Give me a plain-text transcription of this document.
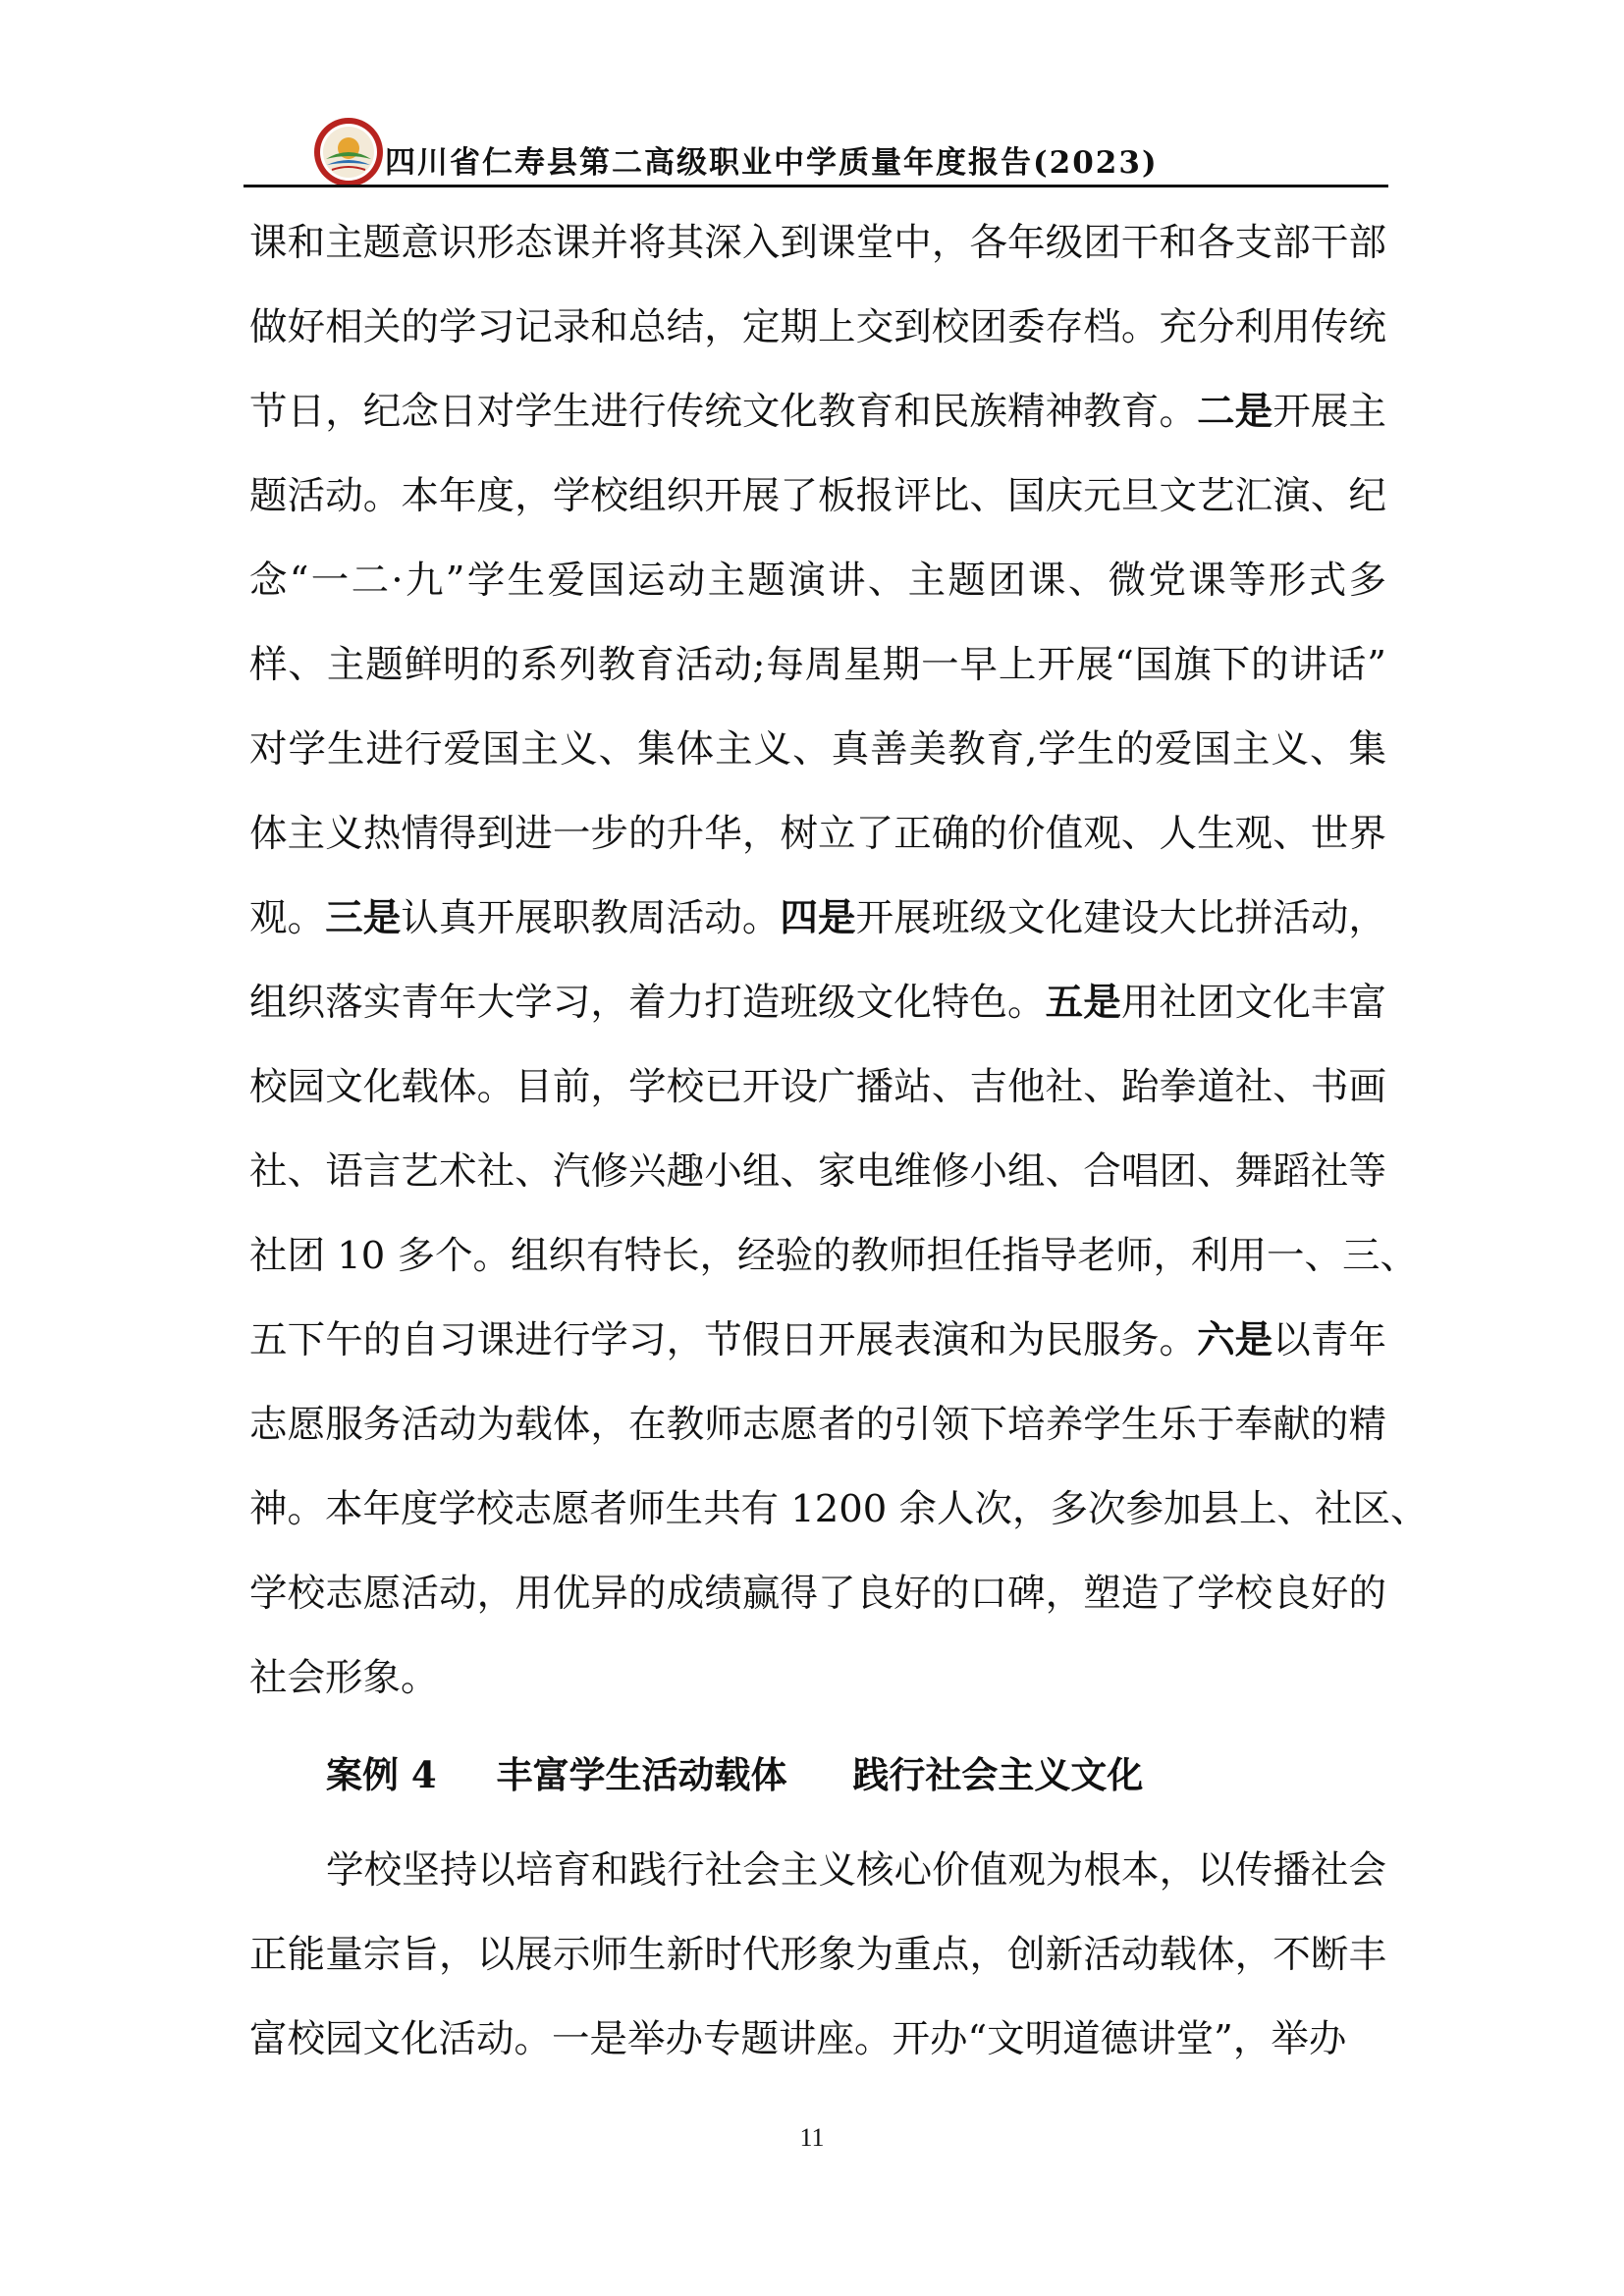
四川省仁寿县第二高级职业中学质量年度报告(2023)
课和主题意识形态课并将其深入到课堂中，各年级团干和各支部干部
做好相关的学习记录和总结，定期上交到校团委存档。充分利用传统
节日，纪念日对学生进行传统文化教育和民族精神教育。二是开展主
题活动。本年度，学校组织开展了板报评比、国庆元旦文艺汇演、纪
念“一二·九”学生爱国运动主题演讲、主题团课、微党课等形式多
样、主题鲜明的系列教育活动;每周星期一早上开展“国旗下的讲话”
对学生进行爱国主义、集体主义、真善美教育,学生的爱国主义、集
体主义热情得到进一步的升华，树立了正确的价值观、人生观、世界
观。三是认真开展职教周活动。四是开展班级文化建设大比拼活动，
组织落实青年大学习，着力打造班级文化特色。五是用社团文化丰富
校园文化载体。目前，学校已开设广播站、吉他社、跆拳道社、书画
社、语言艺术社、汽修兴趣小组、家电维修小组、合唱团、舞蹈社等
社团 10 多个。组织有特长，经验的教师担任指导老师，利用一、三、
五下午的自习课进行学习，节假日开展表演和为民服务。六是以青年
志愿服务活动为载体，在教师志愿者的引领下培养学生乐于奉献的精
神。本年度学校志愿者师生共有 1200 余人次，多次参加县上、社区、
学校志愿活动，用优异的成绩赢得了良好的口碑，塑造了学校良好的
社会形象。
案例 4 丰富学生活动载体 践行社会主义文化
学校坚持以培育和践行社会主义核心价值观为根本，以传播社会
正能量宗旨，以展示师生新时代形象为重点，创新活动载体，不断丰
富校园文化活动。一是举办专题讲座。开办“文明道德讲堂”，举办
11
